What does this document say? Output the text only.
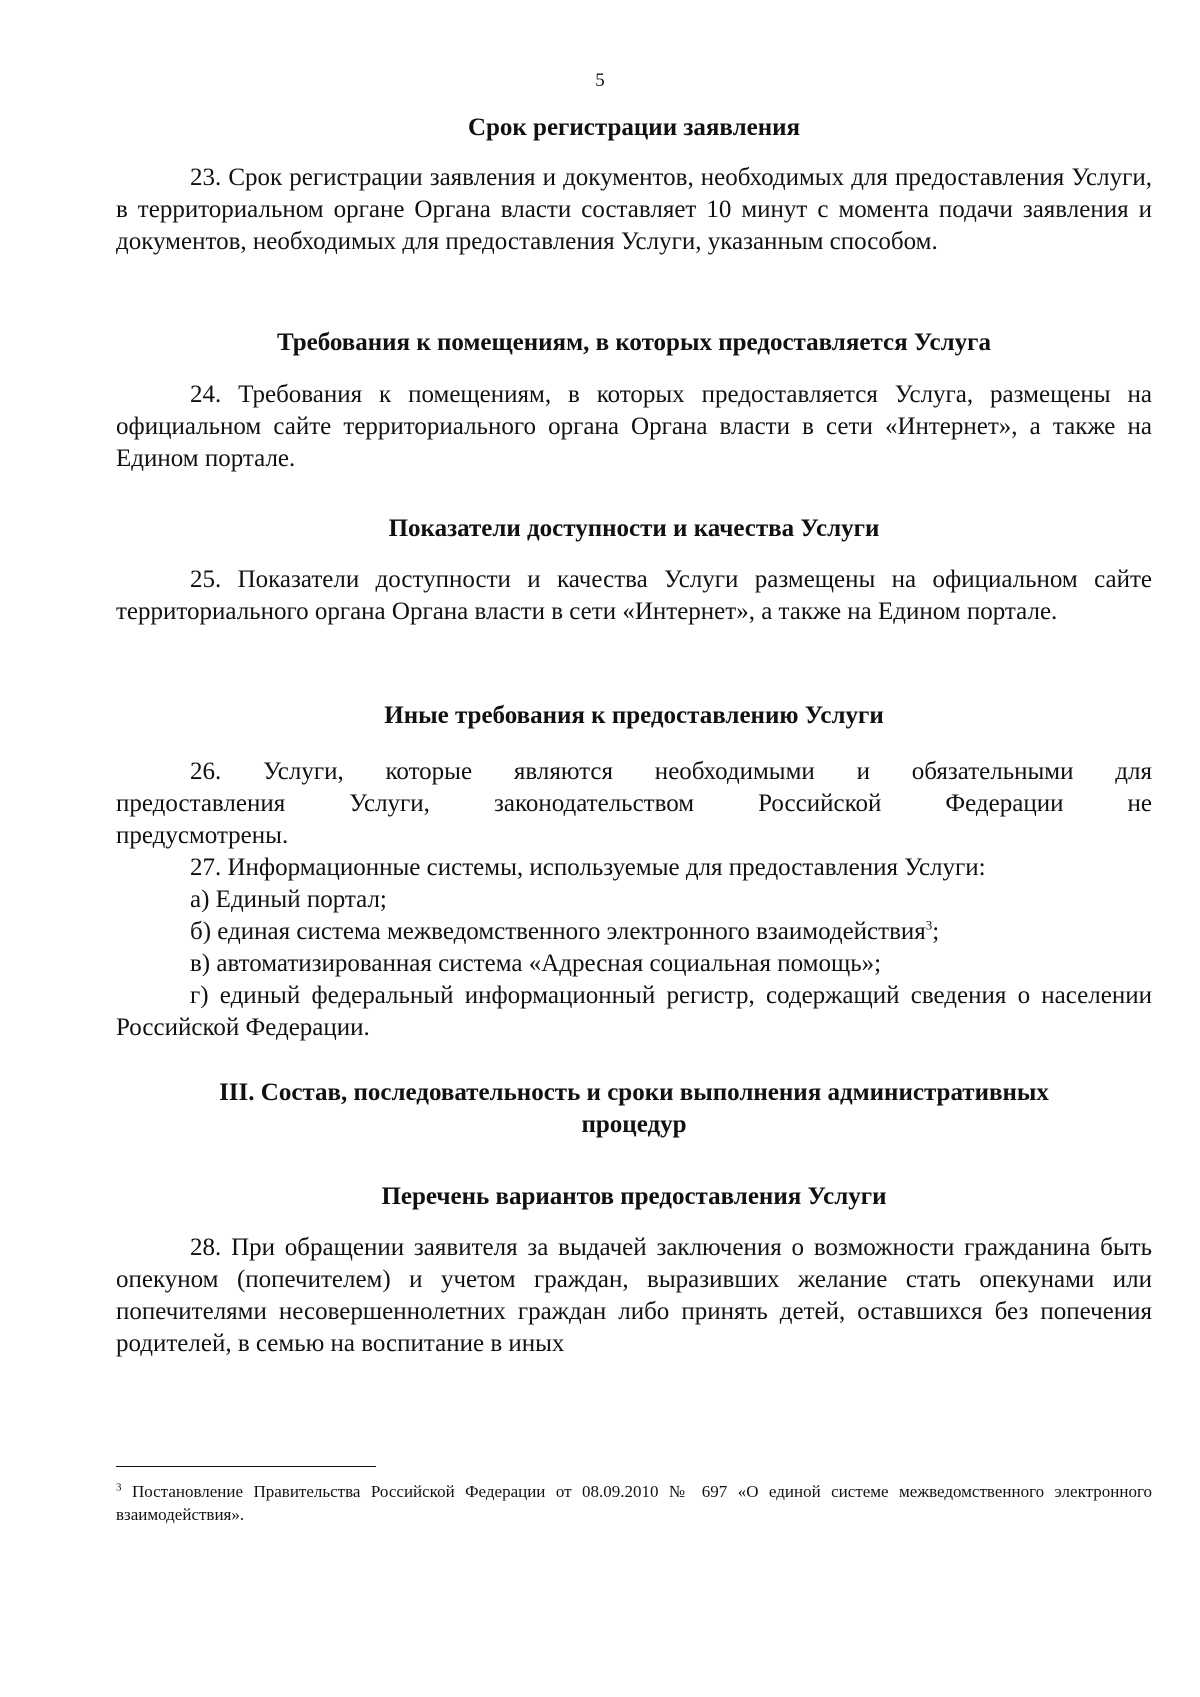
5
Срок регистрации заявления
23. Срок регистрации заявления и документов, необходимых для предоставления Услуги, в территориальном органе Органа власти составляет 10 минут с момента подачи заявления и документов, необходимых для предоставления Услуги, указанным способом.
Требования к помещениям, в которых предоставляется Услуга
24. Требования к помещениям, в которых предоставляется Услуга, размещены на официальном сайте территориального органа Органа власти в сети «Интернет», а также на Едином портале.
Показатели доступности и качества Услуги
25. Показатели доступности и качества Услуги размещены на официальном сайте территориального органа Органа власти в сети «Интернет», а также на Едином портале.
Иные требования к предоставлению Услуги
26. Услуги, которые являются необходимыми и обязательными для
предоставления Услуги, законодательством Российской Федерации не
предусмотрены.
27. Информационные системы, используемые для предоставления Услуги:
а) Единый портал;
б) единая система межведомственного электронного взаимодействия$^3$;
в) автоматизированная система «Адресная социальная помощь»;
г) единый федеральный информационный регистр, содержащий сведения о населении Российской Федерации.
III. Состав, последовательность и сроки выполнения административных
процедур
Перечень вариантов предоставления Услуги
28. При обращении заявителя за выдачей заключения о возможности гражданина быть опекуном (попечителем) и учетом граждан, выразивших желание стать опекунами или попечителями несовершеннолетних граждан либо принять детей, оставшихся без попечения родителей, в семью на воспитание в иных
$^3$ Постановление Правительства Российской Федерации от 08.09.2010 № 697 «О единой системе межведомственного электронного взаимодействия».
